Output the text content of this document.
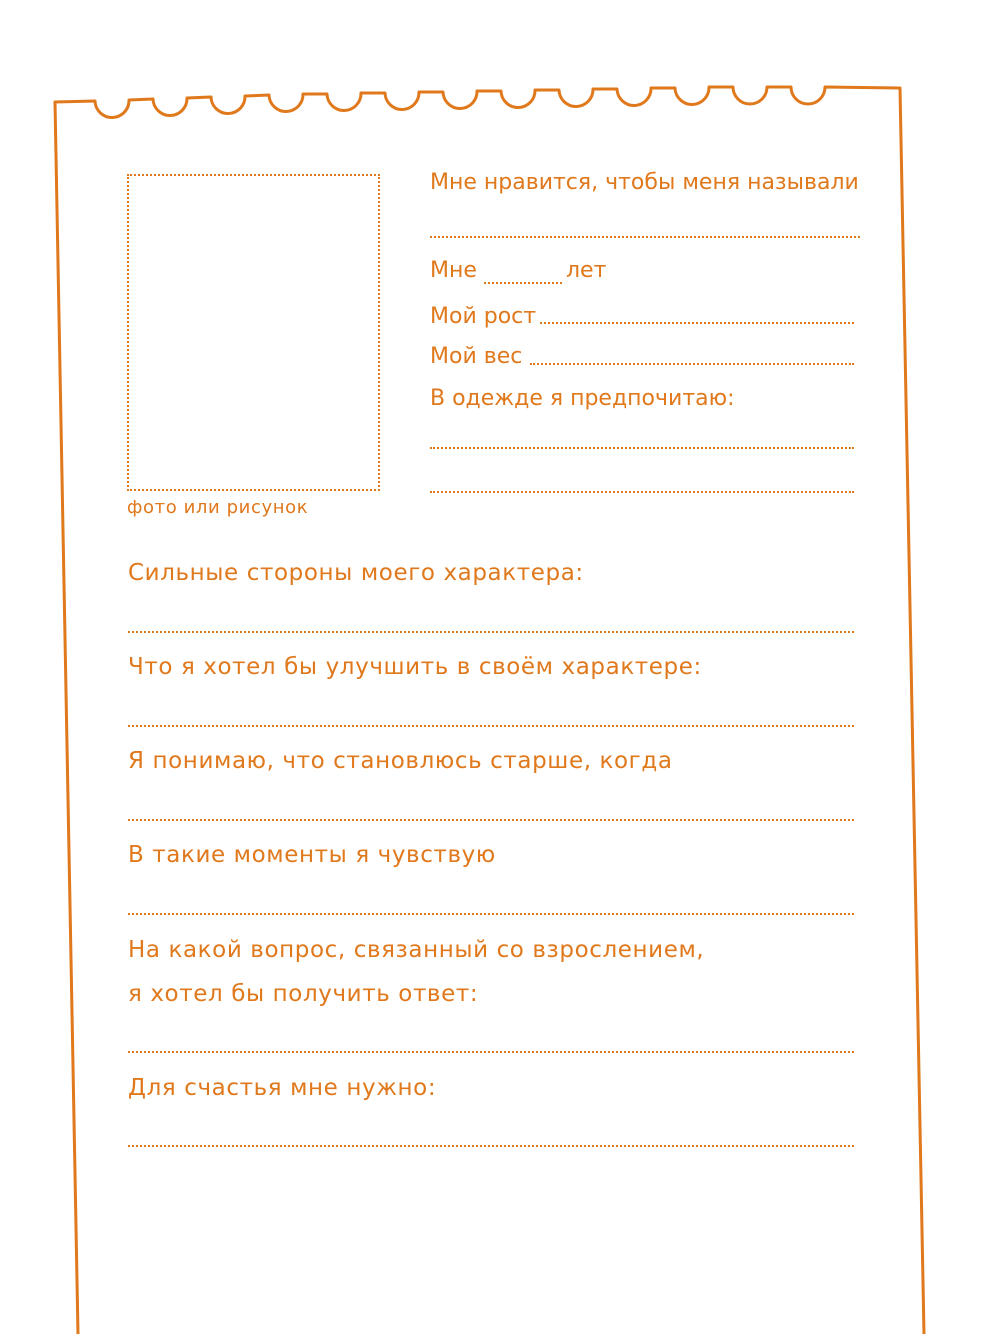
фото или рисунок
Мне нравится, чтобы меня называли
Мне	лет
Мой рост
Мой вес
В одежде я предпочитаю:
Сильные стороны моего характера:
Что я хотел бы улучшить в своём характере:
Я понимаю, что становлюсь старше, когда
В такие моменты я чувствую
На какой вопрос, связанный со взрослением,
я хотел бы получить ответ:
Для счастья мне нужно:
